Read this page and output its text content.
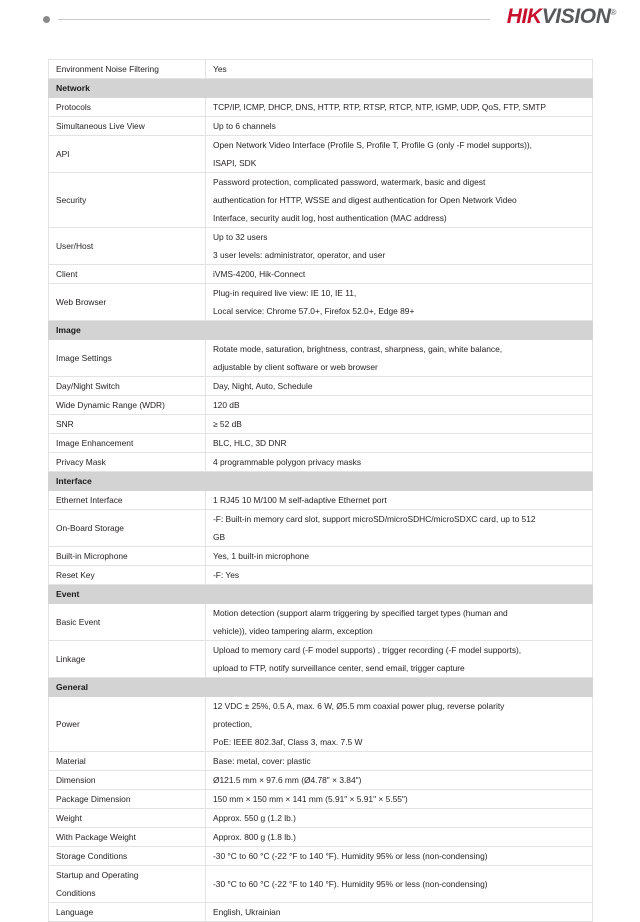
HIKVISION®
Environment Noise Filtering	Yes

Network	
Protocols	TCP/IP, ICMP, DHCP, DNS, HTTP, RTP, RTSP, RTCP, NTP, IGMP, UDP, QoS, FTP, SMTP

Simultaneous Live View	Up to 6 channels

API	Open Network Video Interface (Profile S, Profile T, Profile G (only -F model supports)),
ISAPI, SDK

Security	Password protection, complicated password, watermark, basic and digest
authentication for HTTP, WSSE and digest authentication for Open Network Video
Interface, security audit log, host authentication (MAC address)

User/Host	Up to 32 users
3 user levels: administrator, operator, and user

Client	iVMS-4200, Hik-Connect

Web Browser	Plug-in required live view: IE 10, IE 11,
Local service: Chrome 57.0+, Firefox 52.0+, Edge 89+

Image	
Image Settings	Rotate mode, saturation, brightness, contrast, sharpness, gain, white balance,
adjustable by client software or web browser

Day/Night Switch	Day, Night, Auto, Schedule

Wide Dynamic Range (WDR)	120 dB

SNR	≥ 52 dB

Image Enhancement	BLC, HLC, 3D DNR

Privacy Mask	4 programmable polygon privacy masks

Interface	
Ethernet Interface	1 RJ45 10 M/100 M self-adaptive Ethernet port

On-Board Storage	-F: Built-in memory card slot, support microSD/microSDHC/microSDXC card, up to 512
GB

Built-in Microphone	Yes, 1 built-in microphone

Reset Key	-F: Yes

Event	
Basic Event	Motion detection (support alarm triggering by specified target types (human and
vehicle)), video tampering alarm, exception

Linkage	Upload to memory card (-F model supports) , trigger recording (-F model supports),
upload to FTP, notify surveillance center, send email, trigger capture

General	
Power	12 VDC ± 25%, 0.5 A, max. 6 W, Ø5.5 mm coaxial power plug, reverse polarity
protection,
PoE: IEEE 802.3af, Class 3, max. 7.5 W

Material	Base: metal, cover: plastic

Dimension	Ø121.5 mm × 97.6 mm (Ø4.78" × 3.84")

Package Dimension	150 mm × 150 mm × 141 mm (5.91" × 5.91" × 5.55")

Weight	Approx. 550 g (1.2 lb.)

With Package Weight	Approx. 800 g (1.8 lb.)

Storage Conditions	-30 °C to 60 °C (-22 °F to 140 °F). Humidity 95% or less (non-condensing)

Startup and Operating
Conditions	-30 °C to 60 °C (-22 °F to 140 °F). Humidity 95% or less (non-condensing)

Language	English, Ukrainian
